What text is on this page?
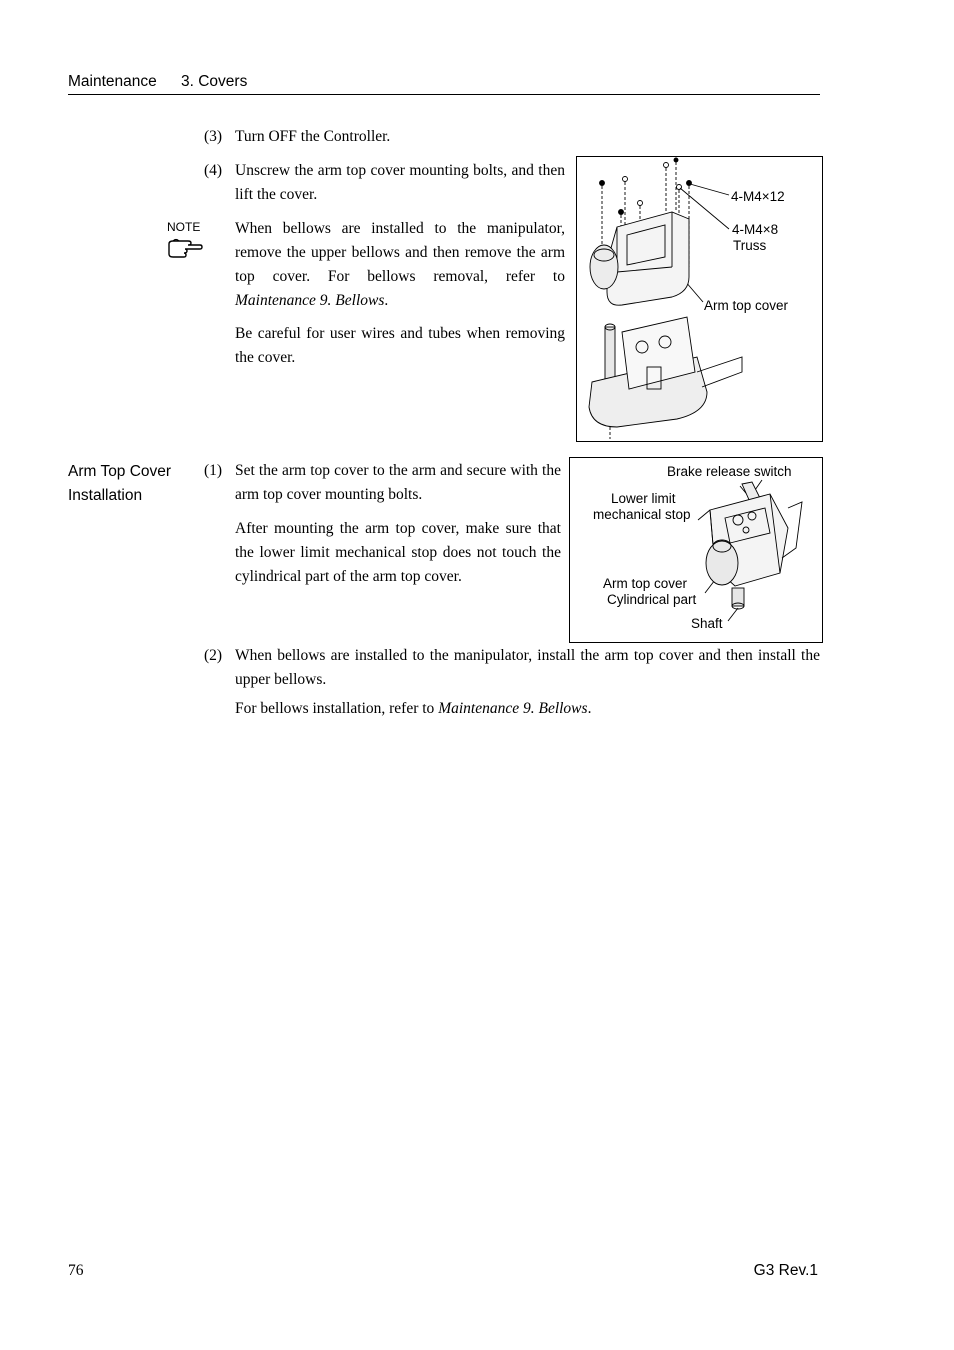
Maintenance 3. Covers
(3) Turn OFF the Controller.
(4) Unscrew the arm top cover mounting bolts, and then lift the cover.
NOTE When bellows are installed to the manipulator, remove the upper bellows and then remove the arm top cover. For bellows removal, refer to Maintenance 9. Bellows.
Be careful for user wires and tubes when removing the cover.
4-M4×12
4-M4×8
Truss
Arm top cover
Arm Top Cover
Installation
(1) Set the arm top cover to the arm and secure with the arm top cover mounting bolts.
After mounting the arm top cover, make sure that the lower limit mechanical stop does not touch the cylindrical part of the arm top cover.
Brake release switch
Lower limit
mechanical stop
Arm top cover
Cylindrical part
Shaft
(2) When bellows are installed to the manipulator, install the arm top cover and then install the upper bellows.
For bellows installation, refer to Maintenance 9. Bellows.
76	G3 Rev.1
